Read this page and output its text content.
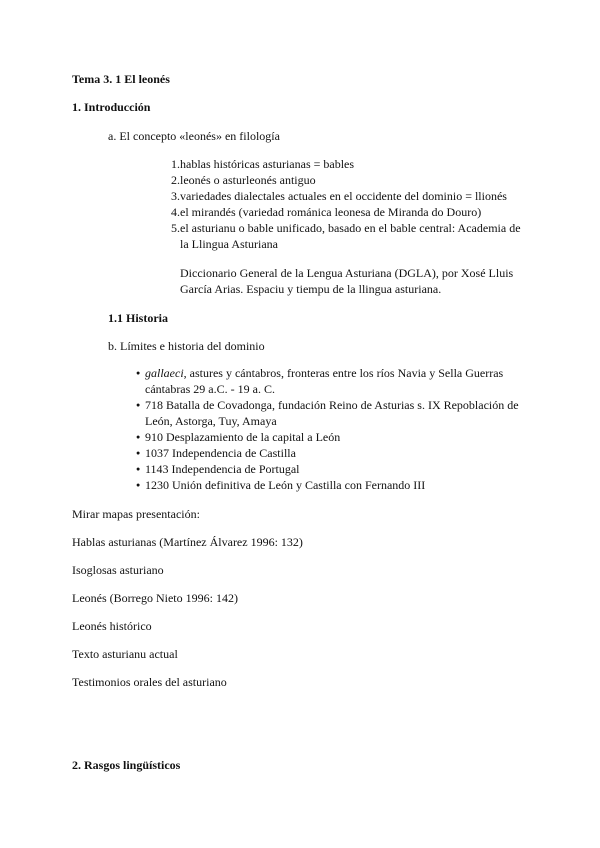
Tema 3. 1 El leonés
1. Introducción

a. El concepto «leonés» en filología

1. hablas históricas asturianas = bables
2. leonés o asturleonés antiguo
3. variedades dialectales actuales en el occidente del dominio = llionés
4. el mirandés (variedad románica leonesa de Miranda do Douro)
5. el asturianu o bable unificado, basado en el bable central: Academia de la Llingua Asturiana

Diccionario General de la Lengua Asturiana (DGLA), por Xosé Lluis García Arias. Espaciu y tiempu de la llingua asturiana.

1.1 Historia

b. Límites e historia del dominio

● gallaeci, astures y cántabros, fronteras entre los ríos Navia y Sella Guerras cántabras 29 a.C. - 19 a. C.
● 718 Batalla de Covadonga, fundación Reino de Asturias s. IX Repoblación de León, Astorga, Tuy, Amaya
● 910 Desplazamiento de la capital a León
● 1037 Independencia de Castilla
● 1143 Independencia de Portugal
● 1230 Unión definitiva de León y Castilla con Fernando III

Mirar mapas presentación:

Hablas asturianas (Martínez Álvarez 1996: 132)

Isoglosas asturiano

Leonés (Borrego Nieto 1996: 142)

Leonés histórico

Texto asturianu actual

Testimonios orales del asturiano

2. Rasgos lingüísticos
